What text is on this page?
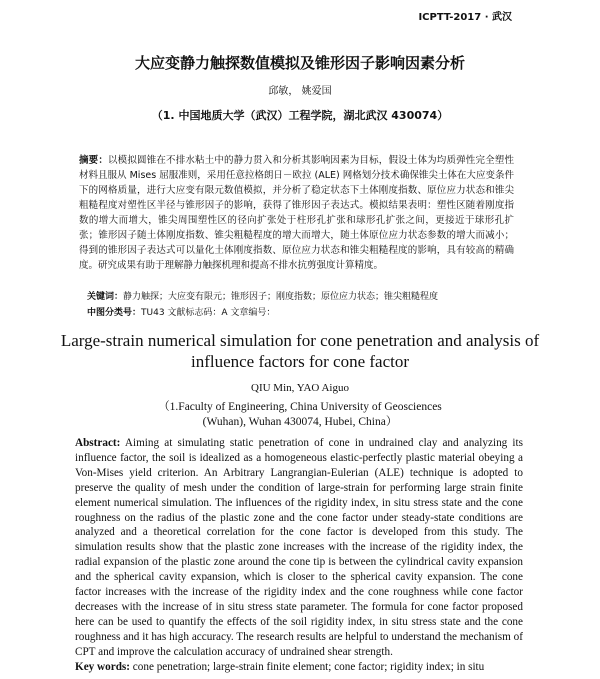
ICPTT-2017 · 武汉
大应变静力触探数值模拟及锥形因子影响因素分析
邱敏， 姚爱国
（1. 中国地质大学（武汉）工程学院，湖北武汉 430074）
摘要：以模拟圆锥在不排水粘土中的静力贯入和分析其影响因素为目标，假设土体为均质弹性完全塑性材料且服从 Mises 屈服准则，采用任意拉格朗日－欧拉 (ALE) 网格划分技术确保锥尖土体在大应变条件下的网格质量，进行大应变有限元数值模拟，并分析了稳定状态下土体刚度指数、原位应力状态和锥尖粗糙程度对塑性区半径与锥形因子的影响，获得了锥形因子表达式。模拟结果表明：塑性区随着刚度指数的增大而增大，锥尖周围塑性区的径向扩张处于柱形孔扩张和球形孔扩张之间，更接近于球形孔扩张；锥形因子随土体刚度指数、锥尖粗糙程度的增大而增大，随土体原位应力状态参数的增大而减小；得到的锥形因子表达式可以量化土体刚度指数、原位应力状态和锥尖粗糙程度的影响，具有较高的精确度。研究成果有助于理解静力触探机理和提高不排水抗剪强度计算精度。
关键词：静力触探；大应变有限元；锥形因子；刚度指数；原位应力状态；锥尖粗糙程度
中图分类号：TU43 文献标志码：A 文章编号：
Large-strain numerical simulation for cone penetration and analysis of influence factors for cone factor
QIU Min, YAO Aiguo
（1.Faculty of Engineering, China University of Geosciences (Wuhan), Wuhan 430074, Hubei, China）
Abstract: Aiming at simulating static penetration of cone in undrained clay and analyzing its influence factor, the soil is idealized as a homogeneous elastic-perfectly plastic material obeying a Von-Mises yield criterion. An Arbitrary Langrangian-Eulerian (ALE) technique is adopted to preserve the quality of mesh under the condition of large-strain for performing large strain finite element numerical simulation. The influences of the rigidity index, in situ stress state and the cone roughness on the radius of the plastic zone and the cone factor under steady-state conditions are analyzed and a theoretical correlation for the cone factor is developed from this study. The simulation results show that the plastic zone increases with the increase of the rigidity index, the radial expansion of the plastic zone around the cone tip is between the cylindrical cavity expansion and the spherical cavity expansion, which is closer to the spherical cavity expansion. The cone factor increases with the increase of the rigidity index and the cone roughness while cone factor decreases with the increase of in situ stress state parameter. The formula for cone factor proposed here can be used to quantify the effects of the soil rigidity index, in situ stress state and the cone roughness and it has high accuracy. The research results are helpful to understand the mechanism of CPT and improve the calculation accuracy of undrained shear strength.
Key words: cone penetration; large-strain finite element; cone factor; rigidity index; in situ
